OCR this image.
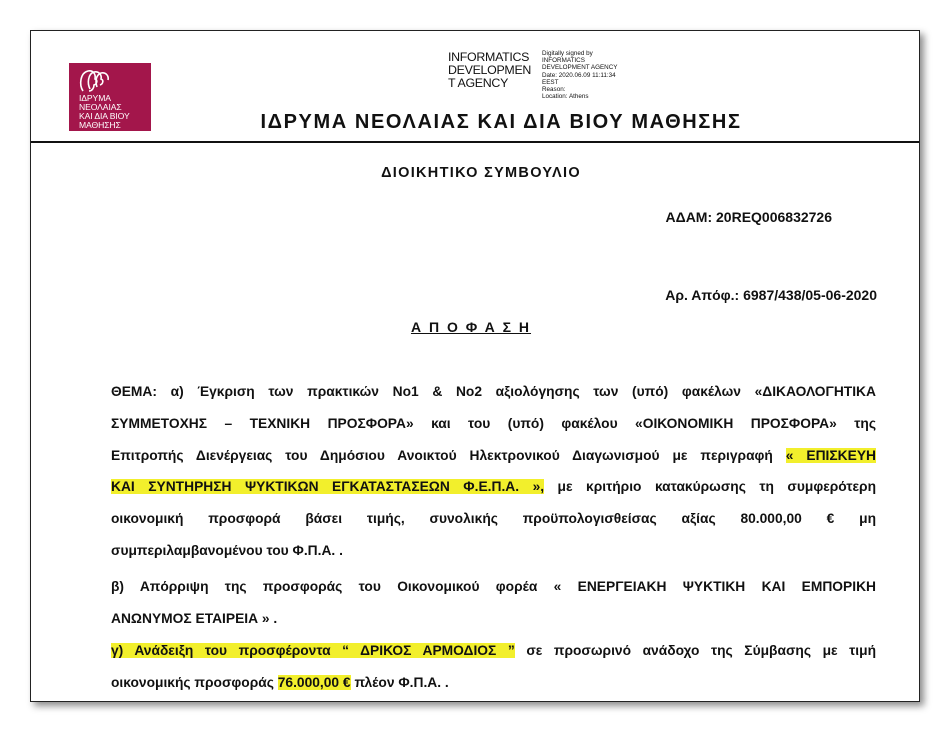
ΙΔΡΥΜΑ
ΝΕΟΛΑΙΑΣ
ΚΑΙ ΔΙΑ ΒΙΟΥ
ΜΑΘΗΣΗΣ
INFORMATICS
DEVELOPMEN
T AGENCY
Digitally signed by
INFORMATICS
DEVELOPMENT AGENCY
Date: 2020.06.09 11:11:34
EEST
Reason:
Location: Athens
ΙΔΡΥΜΑ ΝΕΟΛΑΙΑΣ ΚΑΙ ΔΙΑ ΒΙΟΥ ΜΑΘΗΣΗΣ
ΔΙΟΙΚΗΤΙΚΟ ΣΥΜΒΟΥΛΙΟ
ΑΔΑΜ: 20REQ006832726
Αρ. Απόφ.: 6987/438/05-06-2020
Α Π Ο Φ Α Σ Η

ΘΕΜΑ: α) Έγκριση των πρακτικών Νο1 & Νο2 αξιολόγησης των (υπό) φακέλων «ΔΙΚΑΟΛΟΓΗΤΙΚΑ

ΣΥΜΜΕΤΟΧΗΣ – ΤΕΧΝΙΚΗ ΠΡΟΣΦΟΡΑ» και του (υπό) φακέλου «ΟΙΚΟΝΟΜΙΚΗ ΠΡΟΣΦΟΡΑ» της

Επιτροπής Διενέργειας του Δημόσιου Ανοικτού Ηλεκτρονικού Διαγωνισμού με περιγραφή « ΕΠΙΣΚΕΥΗ

ΚΑΙ ΣΥΝΤΗΡΗΣΗ ΨΥΚΤΙΚΩΝ ΕΓΚΑΤΑΣΤΑΣΕΩΝ Φ.Ε.Π.Α. », με κριτήριο κατακύρωσης τη συμφερότερη

οικονομική προσφορά βάσει τιμής, συνολικής προϋπολογισθείσας αξίας 80.000,00 € μη

συμπεριλαμβανομένου του Φ.Π.Α. .

β) Απόρριψη της προσφοράς του Οικονομικού φορέα « ΕΝΕΡΓΕΙΑΚΗ ΨΥΚΤΙΚΗ ΚΑΙ ΕΜΠΟΡΙΚΗ

ΑΝΩΝΥΜΟΣ ΕΤΑΙΡΕΙΑ » .

γ) Ανάδειξη του προσφέροντα “ ΔΡΙΚΟΣ ΑΡΜΟΔΙΟΣ ” σε προσωρινό ανάδοχο της Σύμβασης με τιμή

οικονομικής προσφοράς 76.000,00 € πλέον Φ.Π.Α. .
